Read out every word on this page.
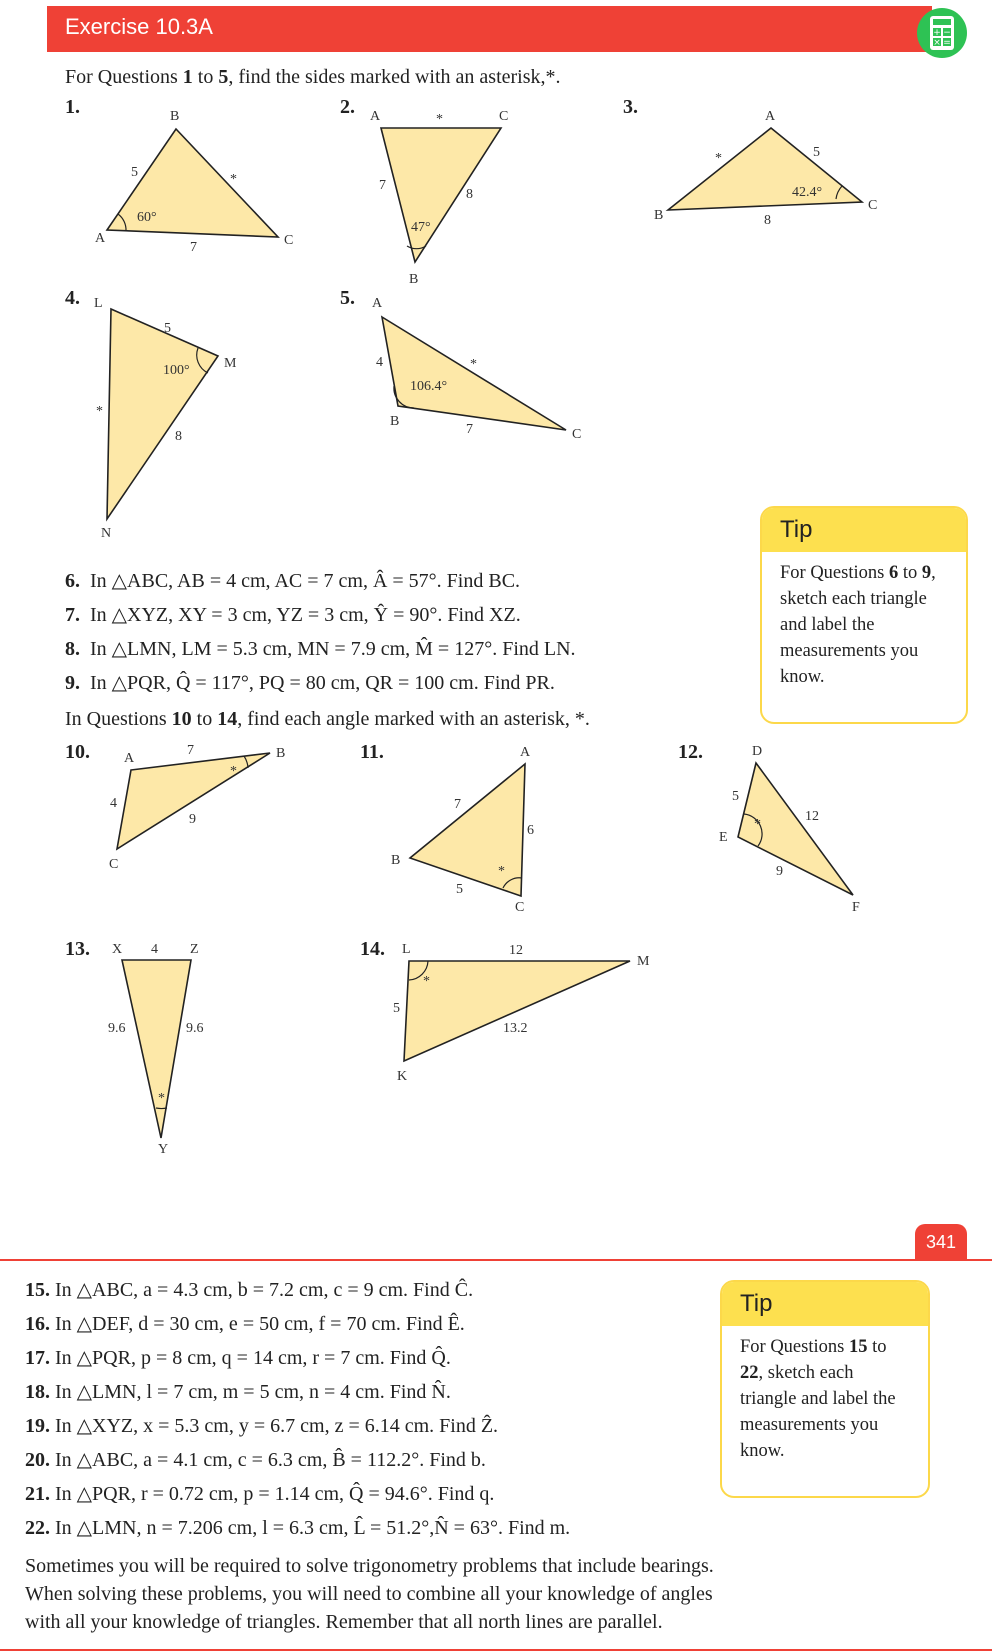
Exercise 10.3A	+ −
× =
For Questions 1 to 5, find the sides marked with an asterisk,*.
1.	B
A	C
5
7
*
60°
2. A	C
B
7
8
*
47°
3.	A
B
C
*	5
8
42.4°
4. L
M
N
5
8
*
100°
5. A
B
C
4
7
*
106.4°
10. A	B
C
7
4
9
*
11.	A
B
C
7
6
5
*
12.	D
E
F
5
12
9
*
13. X	Z
Y
4
9.6	9.6
*
14. L
M
K
12
5
13.2
*
Tip
For Questions 6 to 9, sketch each triangle and label the measurements you know.
6. In △ABC, AB = 4 cm, AC = 7 cm, Â = 57°. Find BC.
7. In △XYZ, XY = 3 cm, YZ = 3 cm, Ŷ = 90°. Find XZ.
8. In △LMN, LM = 5.3 cm, MN = 7.9 cm, M̂ = 127°. Find LN.
9. In △PQR, Q̂ = 117°, PQ = 80 cm, QR = 100 cm. Find PR.
In Questions 10 to 14, find each angle marked with an asterisk, *.
341
15. In △ABC, a = 4.3 cm, b = 7.2 cm, c = 9 cm. Find Ĉ.
16. In △DEF, d = 30 cm, e = 50 cm, f = 70 cm. Find Ê.
17. In △PQR, p = 8 cm, q = 14 cm, r = 7 cm. Find Q̂.
18. In △LMN, l = 7 cm, m = 5 cm, n = 4 cm. Find N̂.
19. In △XYZ, x = 5.3 cm, y = 6.7 cm, z = 6.14 cm. Find Ẑ.
20. In △ABC, a = 4.1 cm, c = 6.3 cm, B̂ = 112.2°. Find b.
21. In △PQR, r = 0.72 cm, p = 1.14 cm, Q̂ = 94.6°. Find q.
22. In △LMN, n = 7.206 cm, l = 6.3 cm, L̂ = 51.2°,N̂ = 63°. Find m.
Tip
For Questions 15 to 22, sketch each triangle and label the measurements you know.
Sometimes you will be required to solve trigonometry problems that include bearings.
When solving these problems, you will need to combine all your knowledge of angles
with all your knowledge of triangles. Remember that all north lines are parallel.
